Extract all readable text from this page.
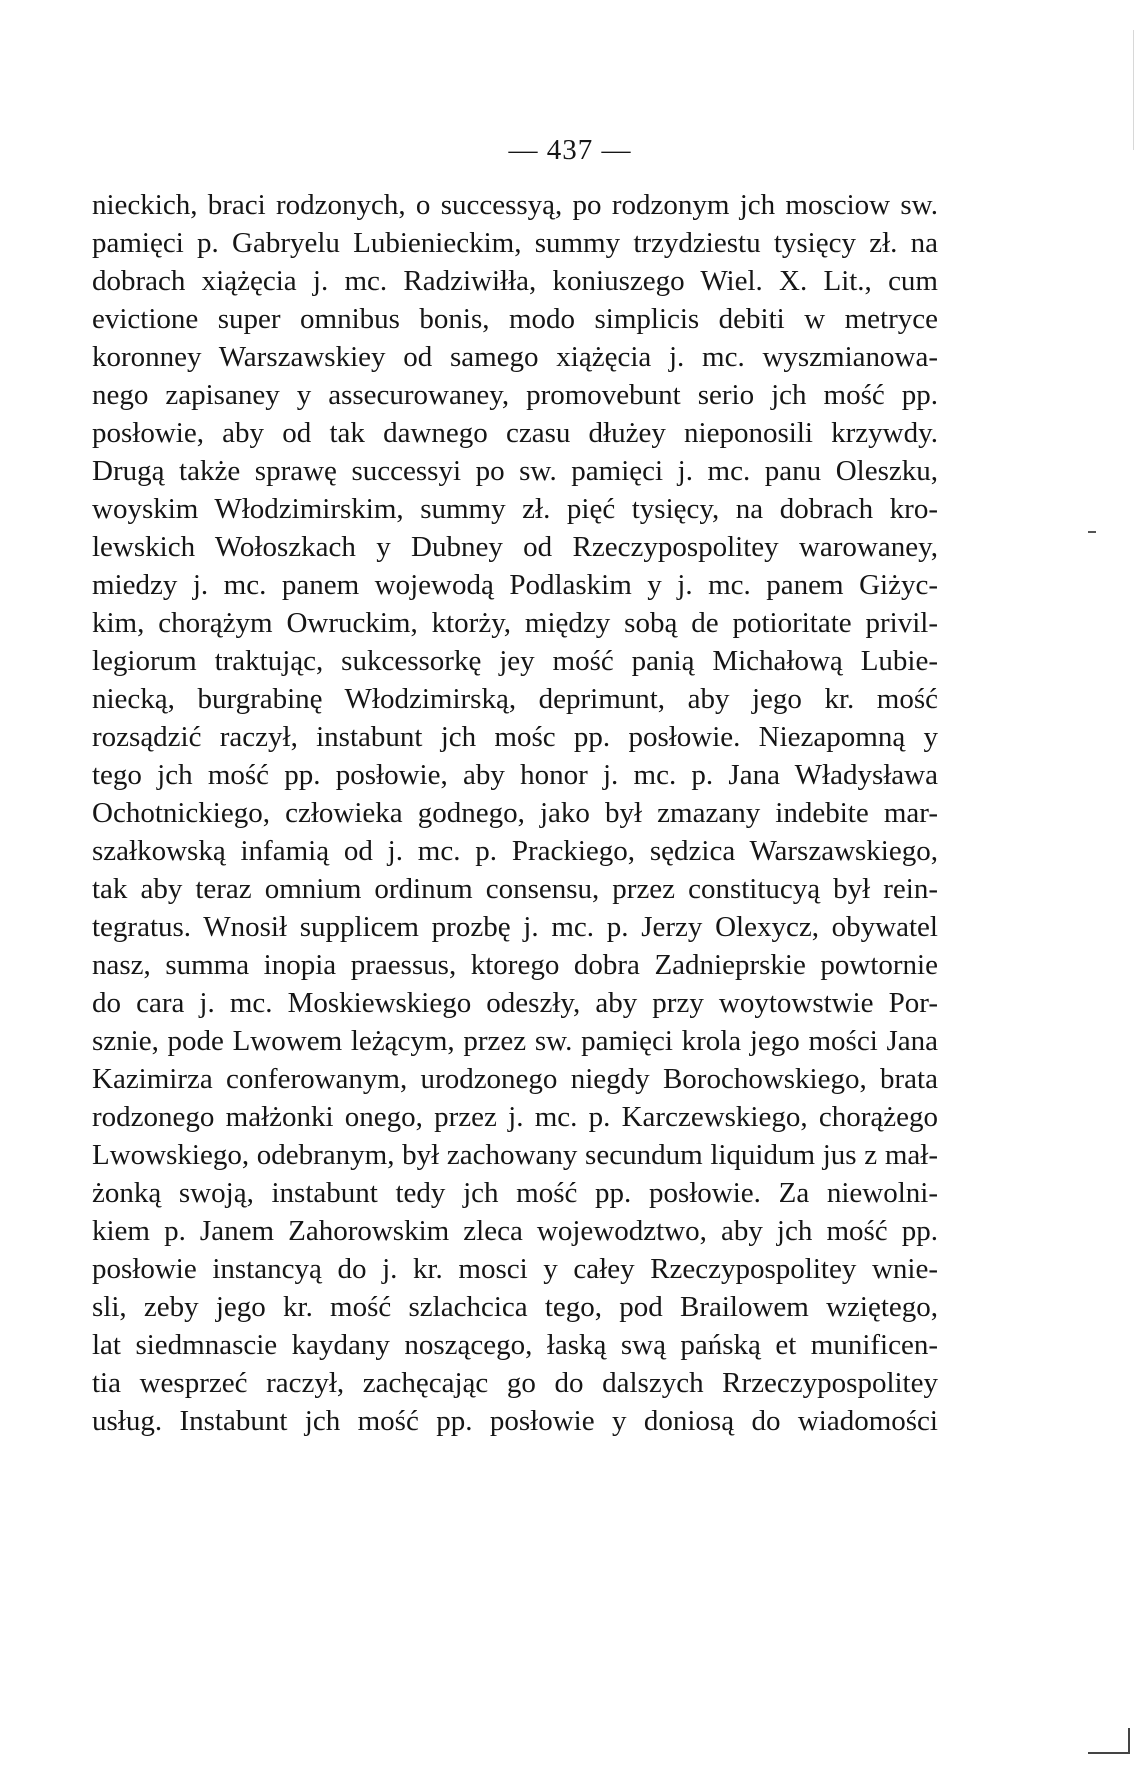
— 437 —
nieckich, braci rodzonych, o successyą, po rodzonym jch mosciow sw.
pamięci p. Gabryelu Lubienieckim, summy trzydziestu tysięcy zł. na
dobrach xiążęcia j. mc. Radziwiłła, koniuszego Wiel. X. Lit., cum
evictione super omnibus bonis, modo simplicis debiti w metryce
koronney Warszawskiey od samego xiążęcia j. mc. wyszmianowa-
nego zapisaney y assecurowaney, promovebunt serio jch mość pp.
posłowie, aby od tak dawnego czasu dłużey nieponosili krzywdy.
Drugą także sprawę successyi po sw. pamięci j. mc. panu Oleszku,
woyskim Włodzimirskim, summy zł. pięć tysięcy, na dobrach kro-
lewskich Wołoszkach y Dubney od Rzeczypospolitey warowaney,
miedzy j. mc. panem wojewodą Podlaskim y j. mc. panem Giżyc-
kim, chorążym Owruckim, ktorży, między sobą de potioritate privil-
legiorum traktując, sukcessorkę jey mość panią Michałową Lubie-
niecką, burgrabinę Włodzimirską, deprimunt, aby jego kr. mość
rozsądzić raczył, instabunt jch mośc pp. posłowie. Niezapomną y
tego jch mość pp. posłowie, aby honor j. mc. p. Jana Władysława
Ochotnickiego, człowieka godnego, jako był zmazany indebite mar-
szałkowską infamią od j. mc. p. Prackiego, sędzica Warszawskiego,
tak aby teraz omnium ordinum consensu, przez constitucyą był rein-
tegratus. Wnosił supplicem prozbę j. mc. p. Jerzy Olexycz, obywatel
nasz, summa inopia praessus, ktorego dobra Zadnieprskie powtornie
do cara j. mc. Moskiewskiego odeszły, aby przy woytowstwie Por-
sznie, pode Lwowem leżącym, przez sw. pamięci krola jego mości Jana
Kazimirza conferowanym, urodzonego niegdy Borochowskiego, brata
rodzonego małżonki onego, przez j. mc. p. Karczewskiego, chorążego
Lwowskiego, odebranym, był zachowany secundum liquidum jus z mał-
żonką swoją, instabunt tedy jch mość pp. posłowie. Za niewolni-
kiem p. Janem Zahorowskim zleca wojewodztwo, aby jch mość pp.
posłowie instancyą do j. kr. mosci y całey Rzeczypospolitey wnie-
sli, zeby jego kr. mość szlachcica tego, pod Brailowem wziętego,
lat siedmnascie kaydany noszącego, łaską swą pańską et munificen-
tia wesprzeć raczył, zachęcając go do dalszych Rrzeczypospolitey
usług. Instabunt jch mość pp. posłowie y doniosą do wiadomości
